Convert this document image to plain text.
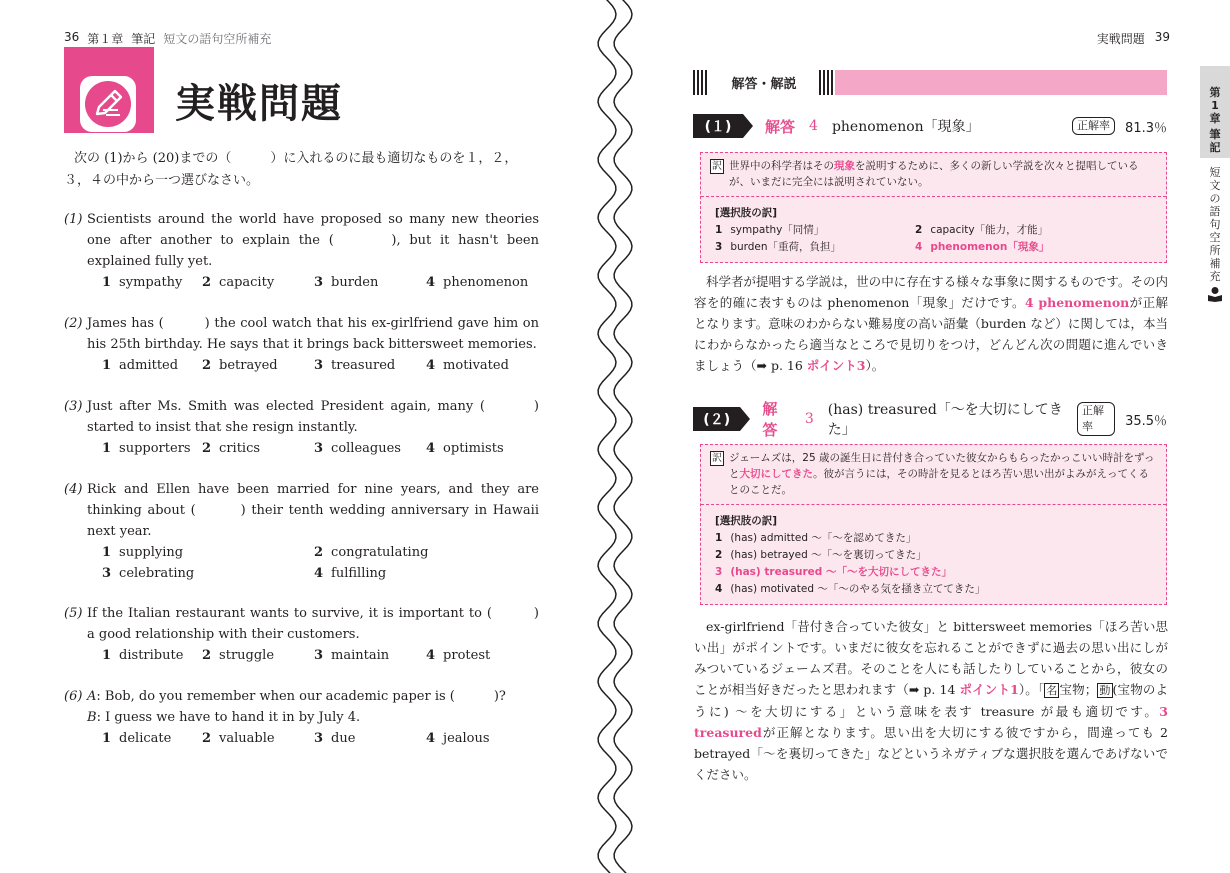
36 第１章 筆記 短文の語句空所補充
実戦問題
次の (1)から (20)までの（　　　）に入れるのに最も適切なものを１，２，３，４の中から一つ選びなさい。
(1) Scientists around the world have proposed so many new theories one after another to explain the (　　　), but it hasn't been explained fully yet.
1 sympathy	2 capacity	3 burden	4 phenomenon
(2) James has (　　　) the cool watch that his ex-girlfriend gave him on his 25th birthday. He says that it brings back bittersweet memories.
1 admitted	2 betrayed	3 treasured	4 motivated
(3) Just after Ms. Smith was elected President again, many (　　　) started to insist that she resign instantly.
1 supporters 2 critics	3 colleagues	4 optimists
(4) Rick and Ellen have been married for nine years, and they are thinking about (　　　) their tenth wedding anniversary in Hawaii next year.
1 supplying	2 congratulating
3 celebrating	4 fulfilling
(5) If the Italian restaurant wants to survive, it is important to (　　　) a good relationship with their customers.
1 distribute	2 struggle	3 maintain	4 protest
(6) A: Bob, do you remember when our academic paper is (　　　)?
B: I guess we have to hand it in by July 4.
1 delicate	2 valuable	3 due	4 jealous
実戦問題 39
解答・解説
(１)	解答 4 phenomenon「現象」	正解率	81.3％
訳 世界中の科学者はその現象を説明するために、多くの新しい学説を次々と提唱しているが、いまだに完全には説明されていない。
[選択肢の訳]
1 sympathy「同情」	2 capacity「能力，才能」
3 burden「重荷，負担」	4 phenomenon「現象」
科学者が提唱する学説は，世の中に存在する様々な事象に関するものです。その内容を的確に表すものは phenomenon「現象」だけです。4 phenomenonが正解となります。意味のわからない難易度の高い語彙（burden など）に関しては，本当にわからなかったら適当なところで見切りをつけ，どんどん次の問題に進んでいきましょう（➡ p. 16 ポイント3）。
(２)
解答
3
(has) treasured「～を大切にしてきた」
正解率	35.5％
訳 ジェームズは，25 歳の誕生日に昔付き合っていた彼女からもらったかっこいい時計をずっと大切にしてきた。彼が言うには，その時計を見るとほろ苦い思い出がよみがえってくるとのことだ。
[選択肢の訳]
1 (has) admitted ～「～を認めてきた」
2 (has) betrayed ～「～を裏切ってきた」
3 (has) treasured ～「～を大切にしてきた」
4 (has) motivated ～「～のやる気を掻き立ててきた」
ex-girlfriend「昔付き合っていた彼女」と bittersweet memories「ほろ苦い思い出」がポイントです。いまだに彼女を忘れることができずに過去の思い出にしがみついているジェームズ君。そのことを人にも話したりしていることから，彼女のことが相当好きだったと思われます（➡ p. 14 ポイント1）。「 名 宝物； 動 (宝物のように) ～を大切にする」という意味を表す treasure が最も適切です。3 treasuredが正解となります。思い出を大切にする彼ですから，間違っても 2 betrayed「～を裏切ってきた」などというネガティブな選択肢を選んであげないでください。
第
1
章
筆
記
短
文
の
語
句
空
所
補
充
